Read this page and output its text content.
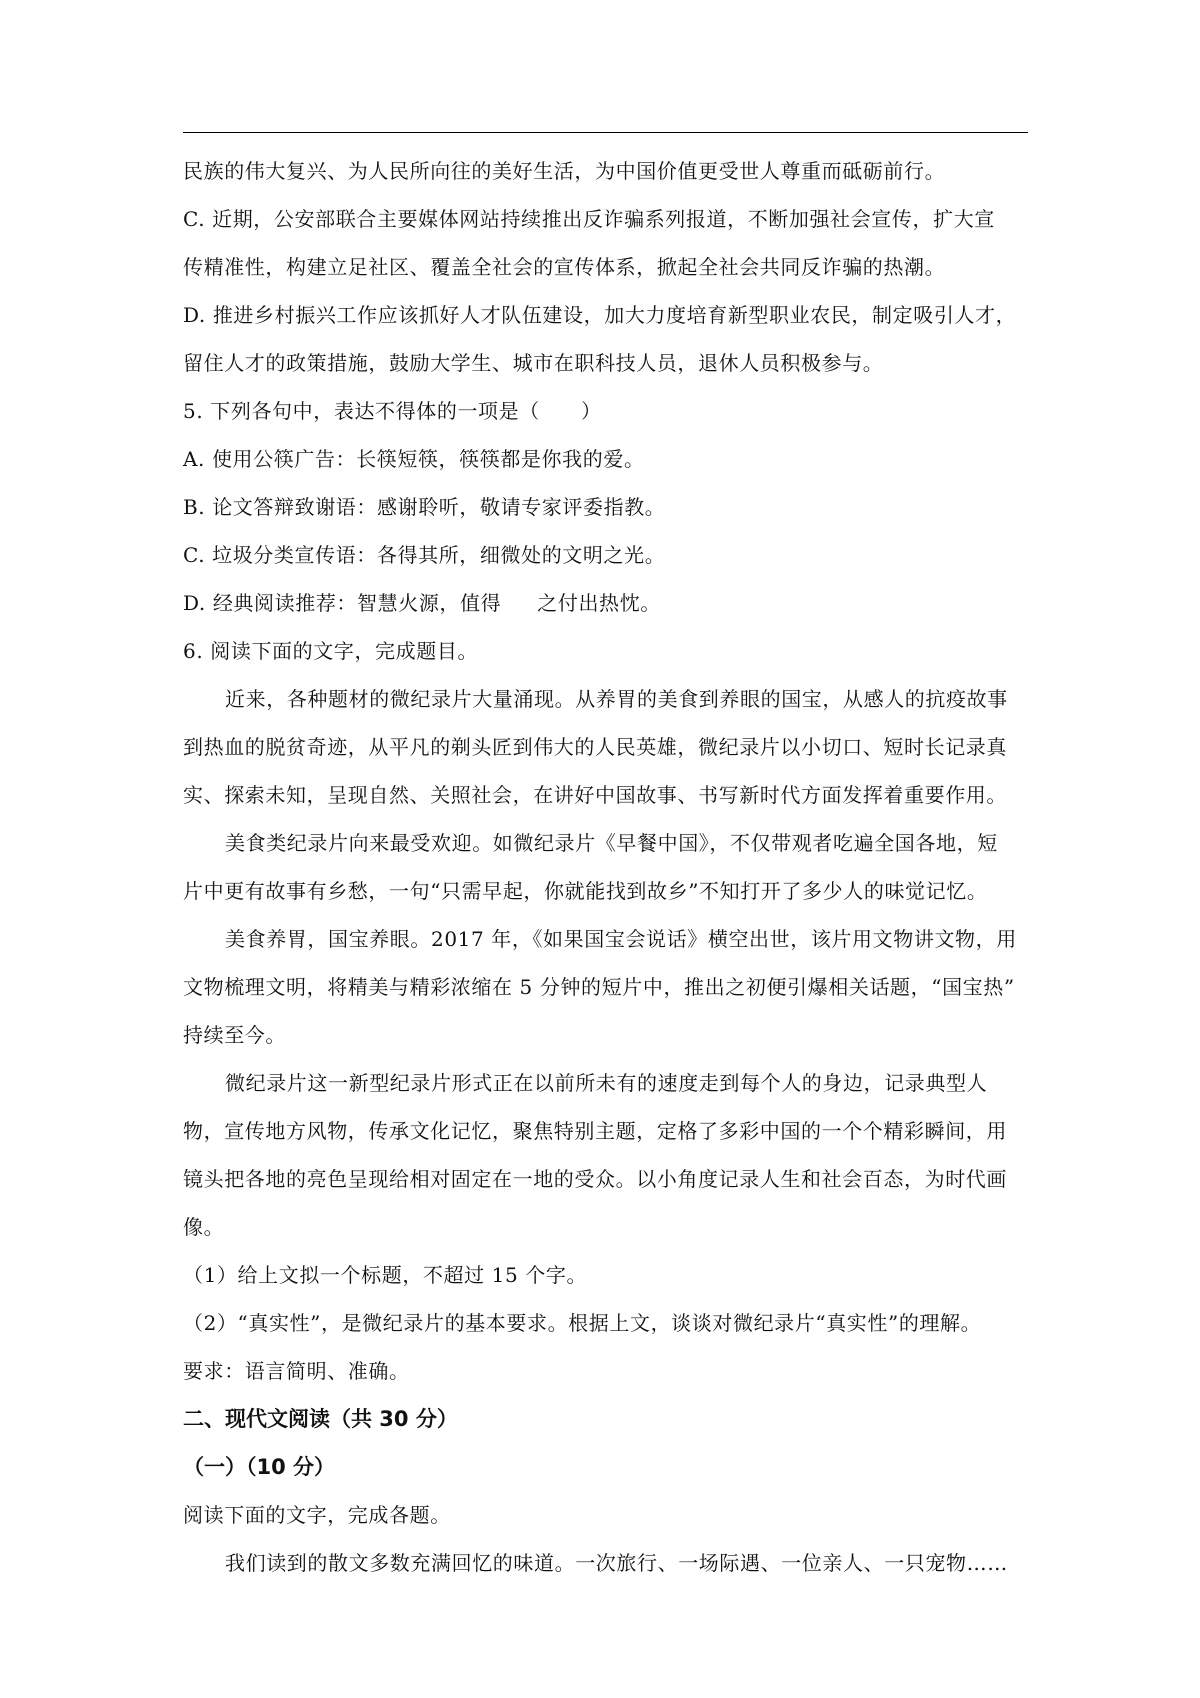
民族的伟大复兴、为人民所向往的美好生活，为中国价值更受世人尊重而砥砺前行。
C. 近期，公安部联合主要媒体网站持续推出反诈骗系列报道，不断加强社会宣传，扩大宣
传精准性，构建立足社区、覆盖全社会的宣传体系，掀起全社会共同反诈骗的热潮。
D. 推进乡村振兴工作应该抓好人才队伍建设，加大力度培育新型职业农民，制定吸引人才，
留住人才的政策措施，鼓励大学生、城市在职科技人员，退休人员积极参与。
5. 下列各句中，表达不得体的一项是（　　）
A. 使用公筷广告：长筷短筷，筷筷都是你我的爱。
B. 论文答辩致谢语：感谢聆听，敬请专家评委指教。
C. 垃圾分类宣传语：各得其所，细微处的文明之光。
D. 经典阅读推荐：智慧火源，值得 之付出热忱。
6. 阅读下面的文字，完成题目。
近来，各种题材的微纪录片大量涌现。从养胃的美食到养眼的国宝，从感人的抗疫故事
到热血的脱贫奇迹，从平凡的剃头匠到伟大的人民英雄，微纪录片以小切口、短时长记录真
实、探索未知，呈现自然、关照社会，在讲好中国故事、书写新时代方面发挥着重要作用。
美食类纪录片向来最受欢迎。如微纪录片《早餐中国》，不仅带观者吃遍全国各地，短
片中更有故事有乡愁，一句“只需早起，你就能找到故乡”不知打开了多少人的味觉记忆。
美食养胃，国宝养眼。2017 年，《如果国宝会说话》横空出世，该片用文物讲文物，用
文物梳理文明，将精美与精彩浓缩在 5 分钟的短片中，推出之初便引爆相关话题，“国宝热”
持续至今。
微纪录片这一新型纪录片形式正在以前所未有的速度走到每个人的身边，记录典型人
物，宣传地方风物，传承文化记忆，聚焦特别主题，定格了多彩中国的一个个精彩瞬间，用
镜头把各地的亮色呈现给相对固定在一地的受众。以小角度记录人生和社会百态，为时代画
像。
（1）给上文拟一个标题，不超过 15 个字。
（2）“真实性”，是微纪录片的基本要求。根据上文，谈谈对微纪录片“真实性”的理解。
要求：语言简明、准确。
二、现代文阅读（共 30 分）
（一）（10 分）
阅读下面的文字，完成各题。
我们读到的散文多数充满回忆的味道。一次旅行、一场际遇、一位亲人、一只宠物……
